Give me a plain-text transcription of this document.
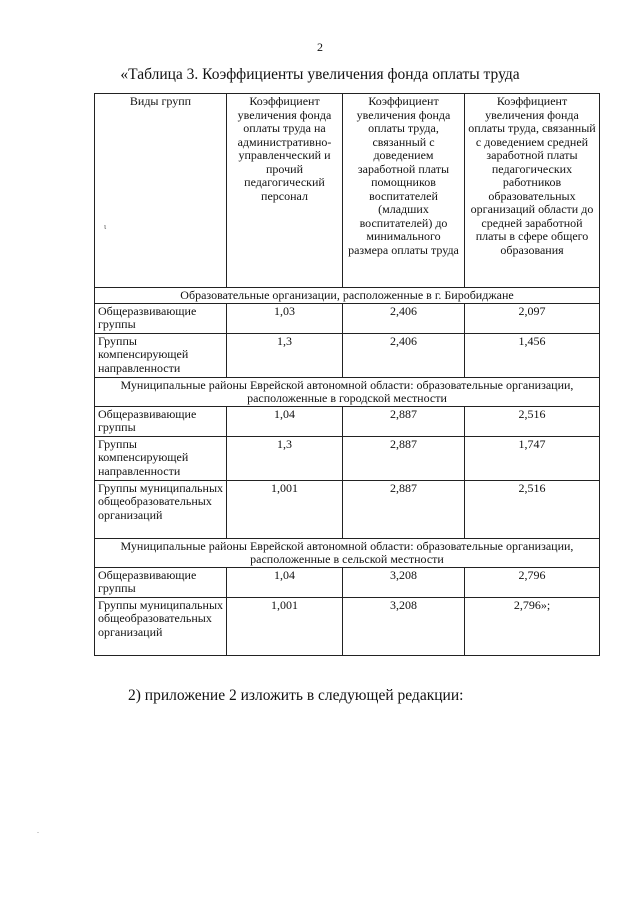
2
«Таблица 3. Коэффициенты увеличения фонда оплаты труда
ι
.
Виды групп	Коэффициент увеличения фонда оплаты труда на административно-управленческий и прочий педагогический персонал	Коэффициент увеличения фонда оплаты труда, связанный с доведением заработной платы помощников воспитателей (младших воспитателей) до минимального размера оплаты труда	Коэффициент увеличения фонда оплаты труда, связанный с доведением средней заработной платы педагогических работников образовательных организаций области до средней заработной платы в сфере общего образования
Образовательные организации, расположенные в г. Биробиджане			
Общеразвивающие группы	1,03	2,406	2,097
Группы компенсирующей направленности	1,3	2,406	1,456
Муниципальные районы Еврейской автономной области: образовательные организации, расположенные в городской местности			
Общеразвивающие группы	1,04	2,887	2,516
Группы компенсирующей направленности	1,3	2,887	1,747
Группы муниципальных общеобразовательных организаций	1,001	2,887	2,516
Муниципальные районы Еврейской автономной области: образовательные организации, расположенные в сельской местности			
Общеразвивающие группы	1,04	3,208	2,796
Группы муниципальных общеобразовательных организаций	1,001	3,208	2,796»;
2) приложение 2 изложить в следующей редакции:
